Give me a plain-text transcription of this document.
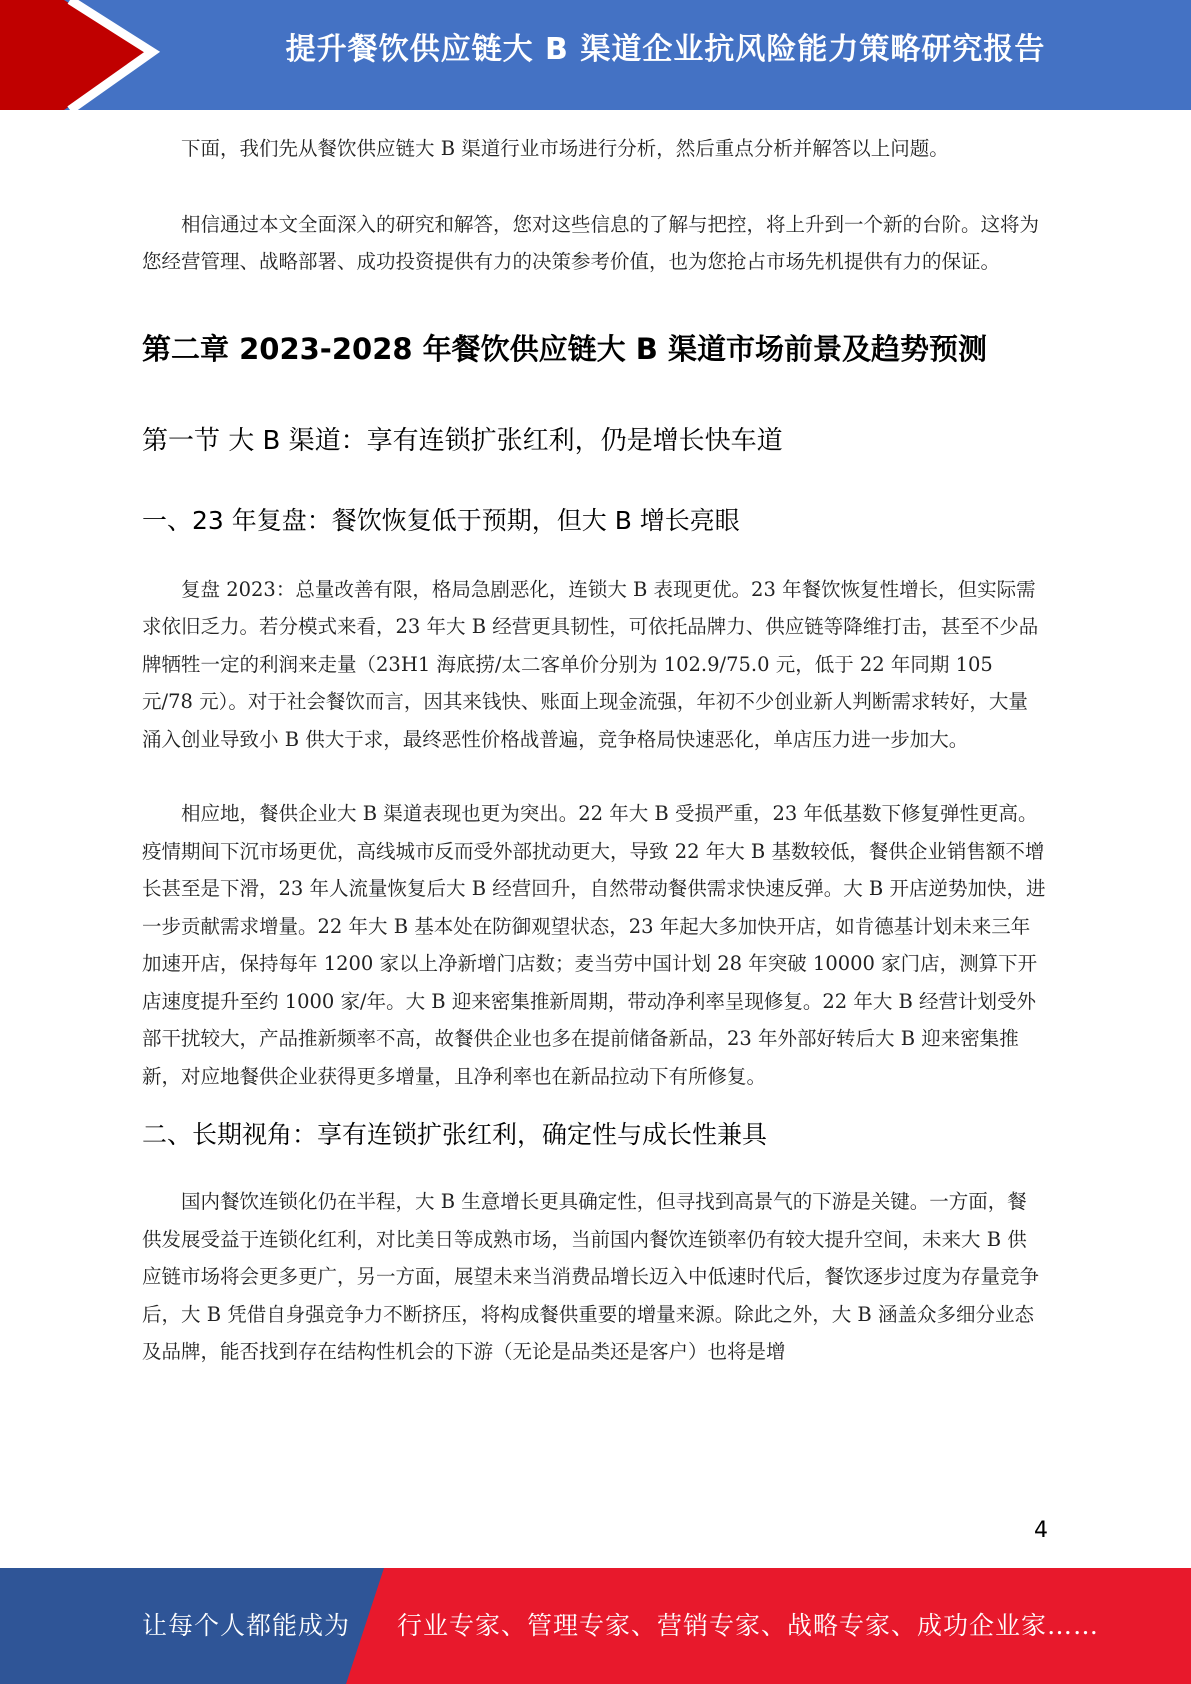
提升餐饮供应链大 B 渠道企业抗风险能力策略研究报告

下面，我们先从餐饮供应链大 B 渠道行业市场进行分析，然后重点分析并解答以上问题。

相信通过本文全面深入的研究和解答，您对这些信息的了解与把控，将上升到一个新的台阶。这将为您经营管理、战略部署、成功投资提供有力的决策参考价值，也为您抢占市场先机提供有力的保证。

第二章 2023-2028 年餐饮供应链大 B 渠道市场前景及趋势预测
第一节 大 B 渠道：享有连锁扩张红利，仍是增长快车道
一、23 年复盘：餐饮恢复低于预期，但大 B 增长亮眼

复盘 2023：总量改善有限，格局急剧恶化，连锁大 B 表现更优。23 年餐饮恢复性增长，但实际需求依旧乏力。若分模式来看，23 年大 B 经营更具韧性，可依托品牌力、供应链等降维打击，甚至不少品牌牺牲一定的利润来走量（23H1 海底捞/太二客单价分别为 102.9/75.0 元，低于 22 年同期 105 元/78 元）。对于社会餐饮而言，因其来钱快、账面上现金流强，年初不少创业新人判断需求转好，大量涌入创业导致小 B 供大于求，最终恶性价格战普遍，竞争格局快速恶化，单店压力进一步加大。

相应地，餐供企业大 B 渠道表现也更为突出。22 年大 B 受损严重，23 年低基数下修复弹性更高。疫情期间下沉市场更优，高线城市反而受外部扰动更大，导致 22 年大 B 基数较低，餐供企业销售额不增长甚至是下滑，23 年人流量恢复后大 B 经营回升，自然带动餐供需求快速反弹。大 B 开店逆势加快，进一步贡献需求增量。22 年大 B 基本处在防御观望状态，23 年起大多加快开店，如肯德基计划未来三年加速开店，保持每年 1200 家以上净新增门店数；麦当劳中国计划 28 年突破 10000 家门店，测算下开店速度提升至约 1000 家/年。大 B 迎来密集推新周期，带动净利率呈现修复。22 年大 B 经营计划受外部干扰较大，产品推新频率不高，故餐供企业也多在提前储备新品，23 年外部好转后大 B 迎来密集推新，对应地餐供企业获得更多增量，且净利率也在新品拉动下有所修复。

二、长期视角：享有连锁扩张红利，确定性与成长性兼具

国内餐饮连锁化仍在半程，大 B 生意增长更具确定性，但寻找到高景气的下游是关键。一方面，餐供发展受益于连锁化红利，对比美日等成熟市场，当前国内餐饮连锁率仍有较大提升空间，未来大 B 供应链市场将会更多更广，另一方面，展望未来当消费品增长迈入中低速时代后，餐饮逐步过度为存量竞争后，大 B 凭借自身强竞争力不断挤压，将构成餐供重要的增量来源。除此之外，大 B 涵盖众多细分业态及品牌，能否找到存在结构性机会的下游（无论是品类还是客户）也将是增

4
让每个人都能成为 行业专家、管理专家、营销专家、战略专家、成功企业家……
